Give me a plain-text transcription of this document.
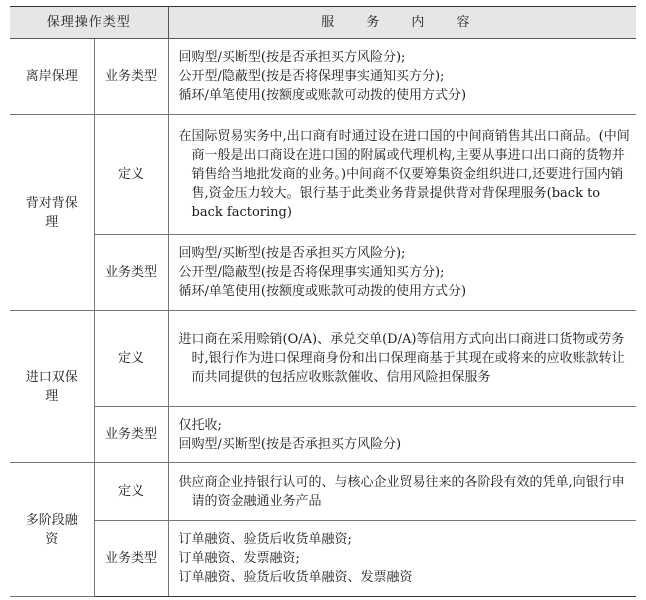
保理操作类型		服 务 内 容
离岸保理	业务类型	回购型/买断型(按是否承担买方风险分);
公开型/隐蔽型(按是否将保理事实通知买方分);
循环/单笔使用(按额度或账款可动拨的使用方式分)

背对背保理	定义	在国际贸易实务中,出口商有时通过设在进口国的中间商销售其出口商品。(中间商一般是出口商设在进口国的附属或代理机构,主要从事进口出口商的货物并销售给当地批发商的业务。)中间商不仅要筹集资金组织进口,还要进行国内销售,资金压力较大。银行基于此类业务背景提供背对背保理服务(back to back factoring)

	业务类型	回购型/买断型(按是否承担买方风险分);
公开型/隐蔽型(按是否将保理事实通知买方分);
循环/单笔使用(按额度或账款可动拨的使用方式分)

进口双保理	定义	进口商在采用赊销(O/A)、承兑交单(D/A)等信用方式向出口商进口货物或劳务时,银行作为进口保理商身份和出口保理商基于其现在或将来的应收账款转让而共同提供的包括应收账款催收、信用风险担保服务

	业务类型	仅托收;
回购型/买断型(按是否承担买方风险分)

多阶段融资	定义	供应商企业持银行认可的、与核心企业贸易往来的各阶段有效的凭单,向银行申请的资金融通业务产品

	业务类型	订单融资、验货后收货单融资;
订单融资、发票融资;
订单融资、验货后收货单融资、发票融资
